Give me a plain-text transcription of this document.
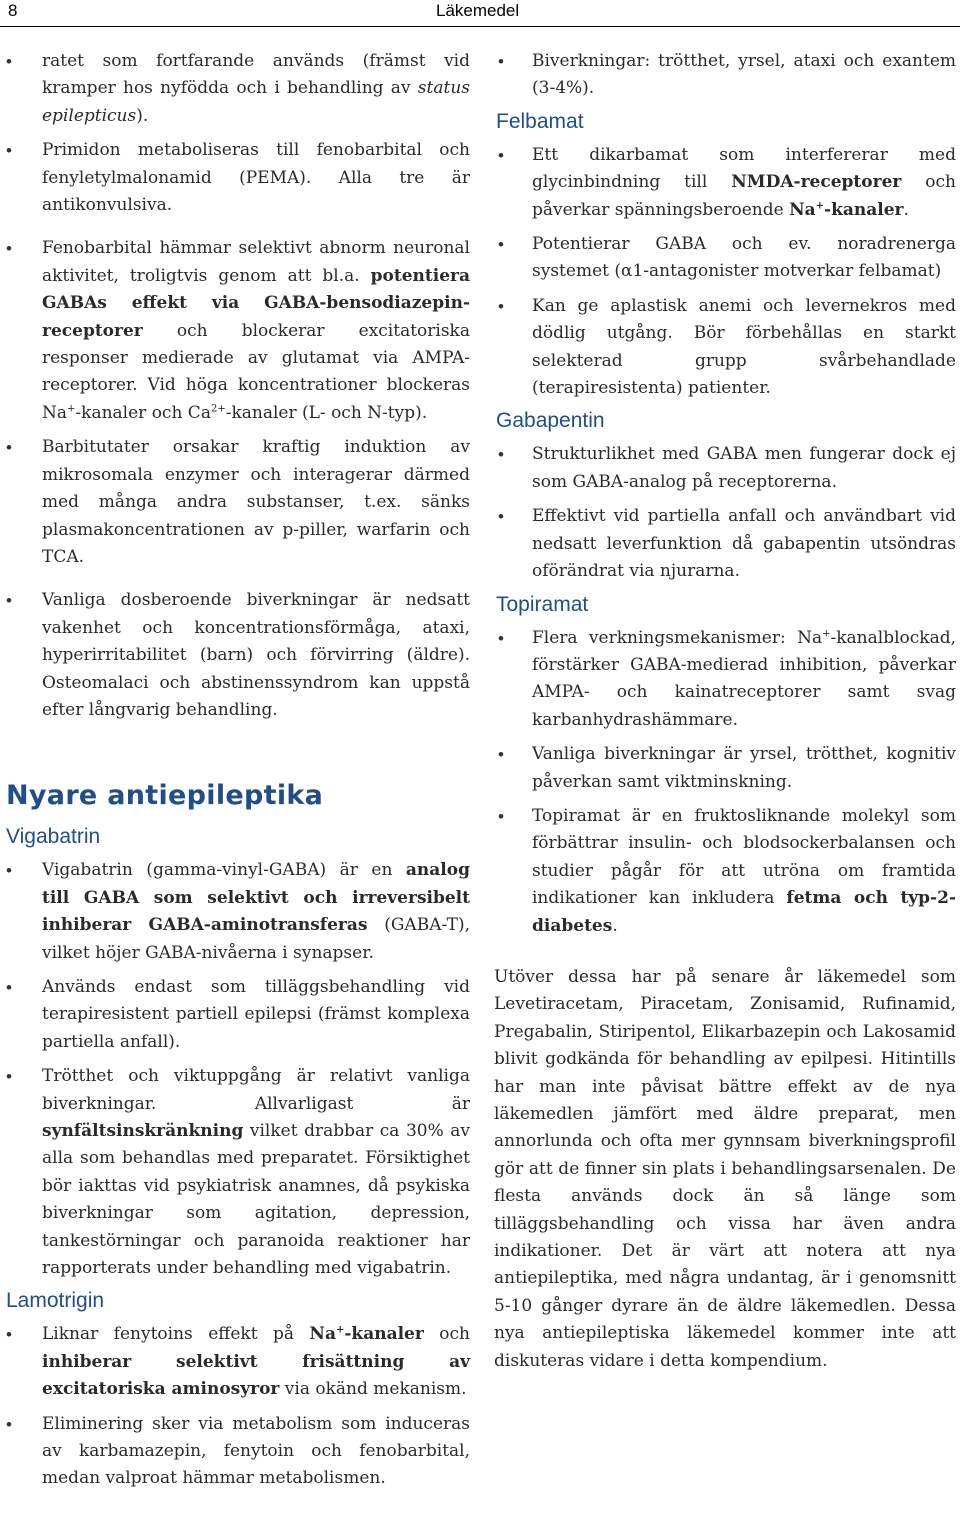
8	Läkemedel
• ratet som fortfarande används (främst vid kramper hos nyfödda och i behandling av status epilepticus).
• Primidon metaboliseras till fenobarbital och fenyletylmalonamid (PEMA). Alla tre är antikonvulsiva.
• Fenobarbital hämmar selektivt abnorm neuronal aktivitet, troligtvis genom att bl.a. potentiera GABAs effekt via GABA-bensodiazepin-receptorer och blockerar excitatoriska responser medierade av glutamat via AMPA-receptorer. Vid höga koncentrationer blockeras Na+-kanaler och $Ca^{2+}$-kanaler (L- och N-typ).
• Barbitutater orsakar kraftig induktion av mikrosomala enzymer och interagerar därmed med många andra substanser, t.ex. sänks plasmakoncentrationen av p-piller, warfarin och TCA.
• Vanliga dosberoende biverkningar är nedsatt vakenhet och koncentrationsförmåga, ataxi, hyperirritabilitet (barn) och förvirring (äldre). Osteomalaci och abstinenssyndrom kan uppstå efter långvarig behandling.
Nyare antiepileptika
Vigabatrin
• Vigabatrin (gamma-vinyl-GABA) är en analog till GABA som selektivt och irreversibelt inhiberar GABA-aminotransferas (GABA-T), vilket höjer GABA-nivåerna i synapser.
• Används endast som tilläggsbehandling vid terapiresistent partiell epilepsi (främst komplexa partiella anfall).
• Trötthet och viktuppgång är relativt vanliga biverkningar. Allvarligast är synfältsinskränkning vilket drabbar ca 30% av alla som behandlas med preparatet. Försiktighet bör iakttas vid psykiatrisk anamnes, då psykiska biverkningar som agitation, depression, tankestörningar och paranoida reaktioner har rapporterats under behandling med vigabatrin.
Lamotrigin
• Liknar fenytoins effekt på Na+-kanaler och inhiberar selektivt frisättning av excitatoriska aminosyror via okänd mekanism.
• Eliminering sker via metabolism som induceras av karbamazepin, fenytoin och fenobarbital, medan valproat hämmar metabolismen.
• Biverkningar: trötthet, yrsel, ataxi och exantem (3-4%).
Felbamat
• Ett dikarbamat som interfererar med glycinbindning till NMDA-receptorer och påverkar spänningsberoende Na+-kanaler.
• Potentierar GABA och ev. noradrenerga systemet (α1-antagonister motverkar felbamat)
• Kan ge aplastisk anemi och levernekros med dödlig utgång. Bör förbehållas en starkt selekterad grupp svårbehandlade (terapiresistenta) patienter.
Gabapentin
• Strukturlikhet med GABA men fungerar dock ej som GABA-analog på receptorerna.
• Effektivt vid partiella anfall och användbart vid nedsatt leverfunktion då gabapentin utsöndras oförändrat via njurarna.
Topiramat
• Flera verkningsmekanismer: Na+-kanalblockad, förstärker GABA-medierad inhibition, påverkar AMPA- och kainatreceptorer samt svag karbanhydrashämmare.
• Vanliga biverkningar är yrsel, trötthet, kognitiv påverkan samt viktminskning.
• Topiramat är en fruktosliknande molekyl som förbättrar insulin- och blodsockerbalansen och studier pågår för att utröna om framtida indikationer kan inkludera fetma och typ-2-diabetes.
Utöver dessa har på senare år läkemedel som Levetiracetam, Piracetam, Zonisamid, Rufinamid, Pregabalin, Stiripentol, Elikarbazepin och Lakosamid blivit godkända för behandling av epilpesi. Hitintills har man inte påvisat bättre effekt av de nya läkemedlen jämfört med äldre preparat, men annorlunda och ofta mer gynnsam biverkningsprofil gör att de finner sin plats i behandlingsarsenalen. De flesta används dock än så länge som tilläggsbehandling och vissa har även andra indikationer. Det är värt att notera att nya antiepileptika, med några undantag, är i genomsnitt 5-10 gånger dyrare än de äldre läkemedlen. Dessa nya antiepileptiska läkemedel kommer inte att diskuteras vidare i detta kompendium.
